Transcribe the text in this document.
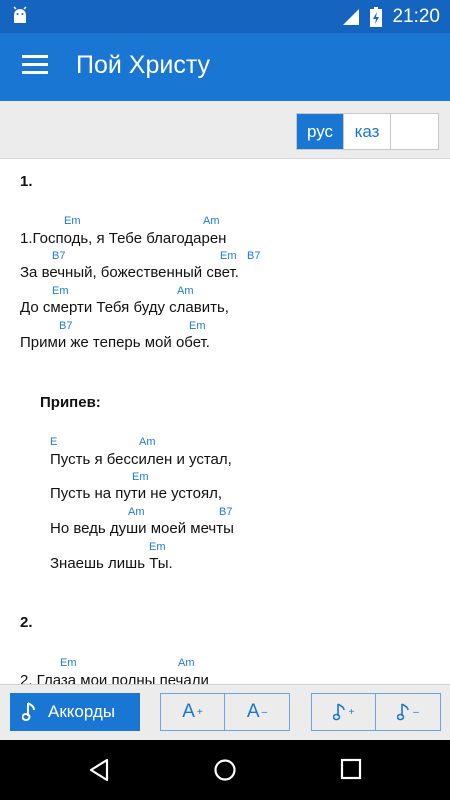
21:20
Пой Христу
рус	каз
1.
Em	Am
1.Господь, я Тебе благодарен
B7	Em B7
За вечный, божественный свет.
Em	Am
До смерти Тебя буду славить,
B7	Em
Прими же теперь мой обет.
Припев:
E	Am
Пусть я бессилен и устал,
Em
Пусть на пути не устоял,
Am	B7
Но ведь души моей мечты
Em
Знаешь лишь Ты.
2.
Em	Am
2. Глаза мои полны печали
Аккорды	A + A –	+	–
